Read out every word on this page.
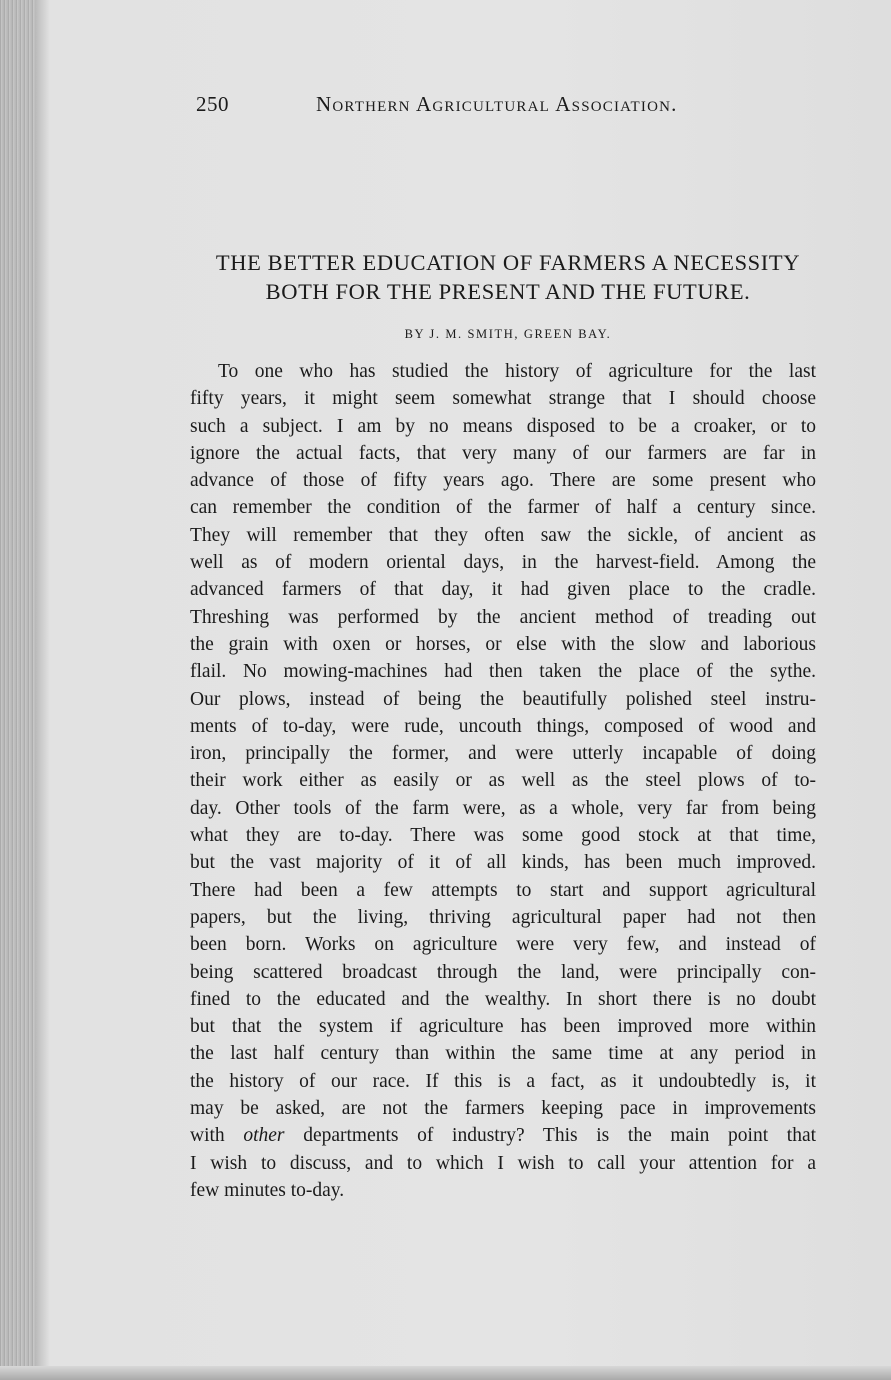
250	Northern Agricultural Association.
THE BETTER EDUCATION OF FARMERS A NECESSITY
BOTH FOR THE PRESENT AND THE FUTURE.
BY J. M. SMITH, GREEN BAY.
To one who has studied the history of agriculture for the last
fifty years, it might seem somewhat strange that I should choose
such a subject. I am by no means disposed to be a croaker, or to
ignore the actual facts, that very many of our farmers are far in
advance of those of fifty years ago. There are some present who
can remember the condition of the farmer of half a century since.
They will remember that they often saw the sickle, of ancient as
well as of modern oriental days, in the harvest-field. Among the
advanced farmers of that day, it had given place to the cradle.
Threshing was performed by the ancient method of treading out
the grain with oxen or horses, or else with the slow and laborious
flail. No mowing-machines had then taken the place of the sythe.
Our plows, instead of being the beautifully polished steel instru-
ments of to-day, were rude, uncouth things, composed of wood and
iron, principally the former, and were utterly incapable of doing
their work either as easily or as well as the steel plows of to-
day. Other tools of the farm were, as a whole, very far from being
what they are to-day. There was some good stock at that time,
but the vast majority of it of all kinds, has been much improved.
There had been a few attempts to start and support agricultural
papers, but the living, thriving agricultural paper had not then
been born. Works on agriculture were very few, and instead of
being scattered broadcast through the land, were principally con-
fined to the educated and the wealthy. In short there is no doubt
but that the system if agriculture has been improved more within
the last half century than within the same time at any period in
the history of our race. If this is a fact, as it undoubtedly is, it
may be asked, are not the farmers keeping pace in improvements
with other departments of industry? This is the main point that
I wish to discuss, and to which I wish to call your attention for a
few minutes to-day.
